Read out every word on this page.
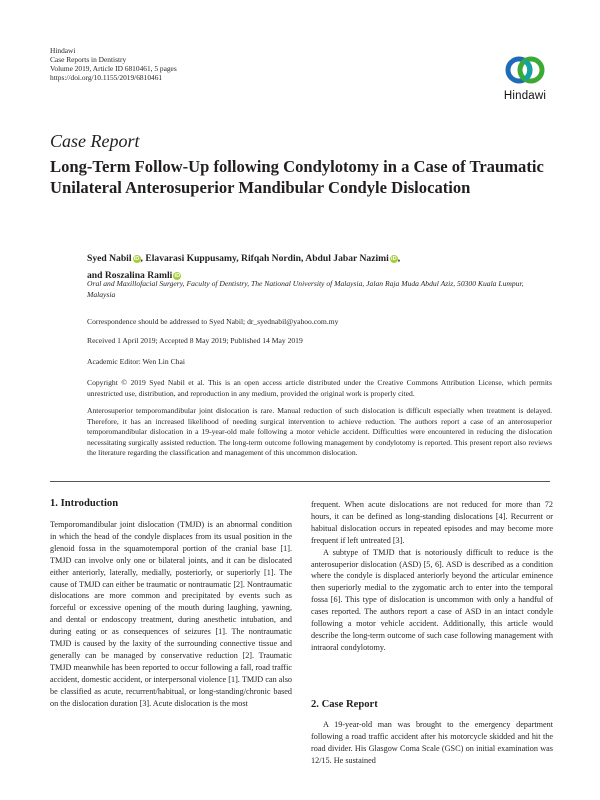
Hindawi
Case Reports in Dentistry
Volume 2019, Article ID 6810461, 5 pages
https://doi.org/10.1155/2019/6810461
Hindawi
Case Report
Long-Term Follow-Up following Condylotomy in a Case of Traumatic Unilateral Anterosuperior Mandibular Condyle Dislocation
Syed Nabil iD, Elavarasi Kuppusamy, Rifqah Nordin, Abdul Jabar Nazimi iD,
and Roszalina Ramli iD
Oral and Maxillofacial Surgery, Faculty of Dentistry, The National University of Malaysia, Jalan Raja Muda Abdul Aziz, 50300 Kuala Lumpur, Malaysia
Correspondence should be addressed to Syed Nabil; dr_syednabil@yahoo.com.my
Received 1 April 2019; Accepted 8 May 2019; Published 14 May 2019
Academic Editor: Wen Lin Chai
Copyright © 2019 Syed Nabil et al. This is an open access article distributed under the Creative Commons Attribution License, which permits unrestricted use, distribution, and reproduction in any medium, provided the original work is properly cited.
Anterosuperior temporomandibular joint dislocation is rare. Manual reduction of such dislocation is difficult especially when treatment is delayed. Therefore, it has an increased likelihood of needing surgical intervention to achieve reduction. The authors report a case of an anterosuperior temporomandibular dislocation in a 19-year-old male following a motor vehicle accident. Difficulties were encountered in reducing the dislocation necessitating surgically assisted reduction. The long-term outcome following management by condylotomy is reported. This present report also reviews the literature regarding the classification and management of this uncommon dislocation.
1. Introduction

Temporomandibular joint dislocation (TMJD) is an abnormal condition in which the head of the condyle displaces from its usual position in the glenoid fossa in the squamotemporal portion of the cranial base [1]. TMJD can involve only one or bilateral joints, and it can be dislocated either anteriorly, laterally, medially, posteriorly, or superiorly [1]. The cause of TMJD can either be traumatic or nontraumatic [2]. Nontraumatic dislocations are more common and precipitated by events such as forceful or excessive opening of the mouth during laughing, yawning, and dental or endoscopy treatment, during anesthetic intubation, and during eating or as consequences of seizures [1]. The nontraumatic TMJD is caused by the laxity of the surrounding connective tissue and generally can be managed by conservative reduction [2]. Traumatic TMJD meanwhile has been reported to occur following a fall, road traffic accident, domestic accident, or interpersonal violence [1]. TMJD can also be classified as acute, recurrent/habitual, or long-standing/chronic based on the dislocation duration [3]. Acute dislocation is the most

frequent. When acute dislocations are not reduced for more than 72 hours, it can be defined as long-standing dislocations [4]. Recurrent or habitual dislocation occurs in repeated episodes and may become more frequent if left untreated [3].

A subtype of TMJD that is notoriously difficult to reduce is the anterosuperior dislocation (ASD) [5, 6]. ASD is described as a condition where the condyle is displaced anteriorly beyond the articular eminence then superiorly medial to the zygomatic arch to enter into the temporal fossa [6]. This type of dislocation is uncommon with only a handful of cases reported. The authors report a case of ASD in an intact condyle following a motor vehicle accident. Additionally, this article would describe the long-term outcome of such case following management with intraoral condylotomy.

2. Case Report

A 19-year-old man was brought to the emergency department following a road traffic accident after his motorcycle skidded and hit the road divider. His Glasgow Coma Scale (GSC) on initial examination was 12/15. He sustained
